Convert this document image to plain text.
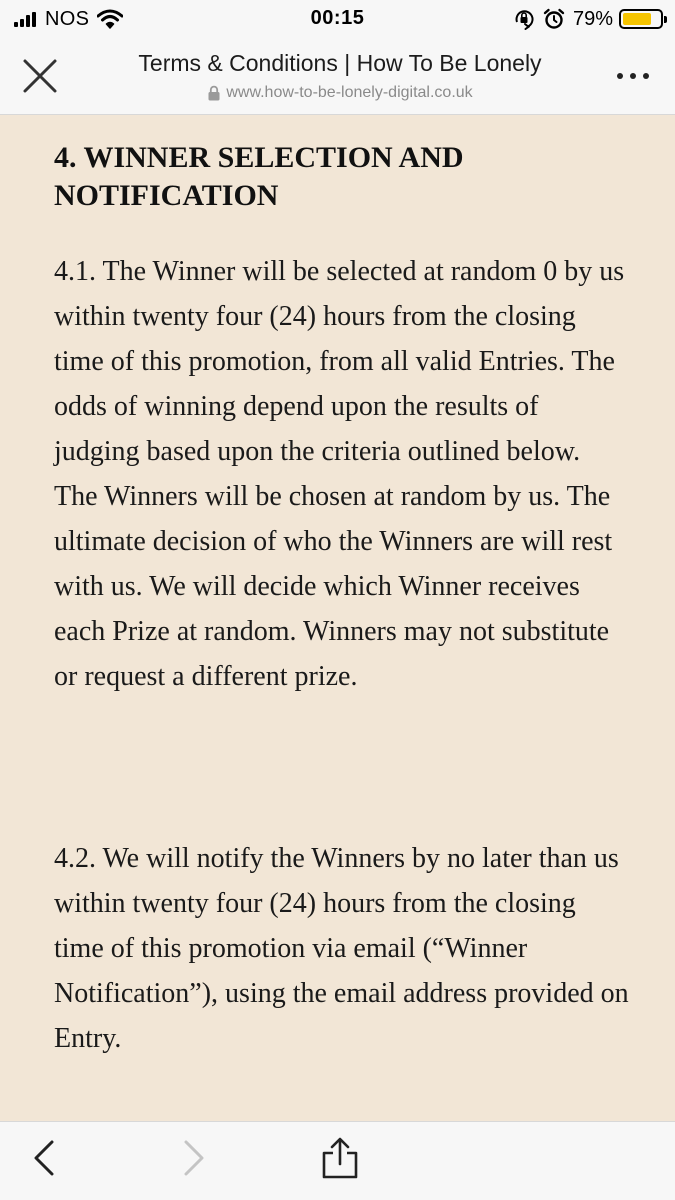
NOS	00:15	79%
Terms & Conditions | How To Be Lonely
www.how-to-be-lonely-digital.co.uk
4. WINNER SELECTION AND NOTIFICATION

4.1. The Winner will be selected at random 0 by us within twenty four (24) hours from the closing time of this promotion, from all valid Entries. The odds of winning depend upon the results of judging based upon the criteria outlined below. The Winners will be chosen at random by us. The ultimate decision of who the Winners are will rest with us. We will decide which Winner receives each Prize at random. Winners may not substitute or request a different prize.

4.2. We will notify the Winners by no later than us within twenty four (24) hours from the closing time of this promotion via email (“Winner Notification”), using the email address provided on Entry.
